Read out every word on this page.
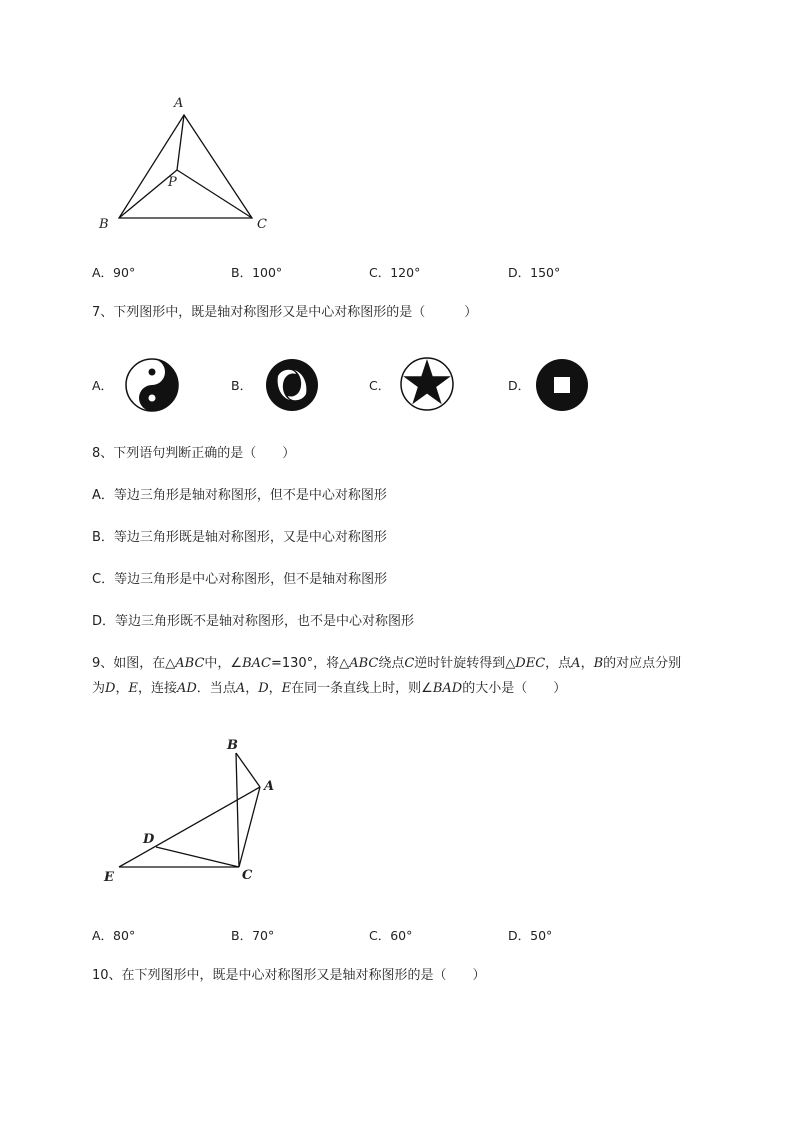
A
B	C
P
A．90°	B．100°	C．120°	D．150°
7、下列图形中，既是轴对称图形又是中心对称图形的是（　　　）
A．	B．	C．	D．
8、下列语句判断正确的是（　　）
A．等边三角形是轴对称图形，但不是中心对称图形
B．等边三角形既是轴对称图形，又是中心对称图形
C．等边三角形是中心对称图形，但不是轴对称图形
D．等边三角形既不是轴对称图形，也不是中心对称图形
9、如图，在△ABC中，∠BAC=130°，将△ABC绕点C逆时针旋转得到△DEC，点A，B的对应点分别
为D，E，连接AD．当点A，D，E在同一条直线上时，则∠BAD的大小是（　　）
B
A
D
E	C
A．80°	B．70°	C．60°	D．50°
10、在下列图形中，既是中心对称图形又是轴对称图形的是（　　）
